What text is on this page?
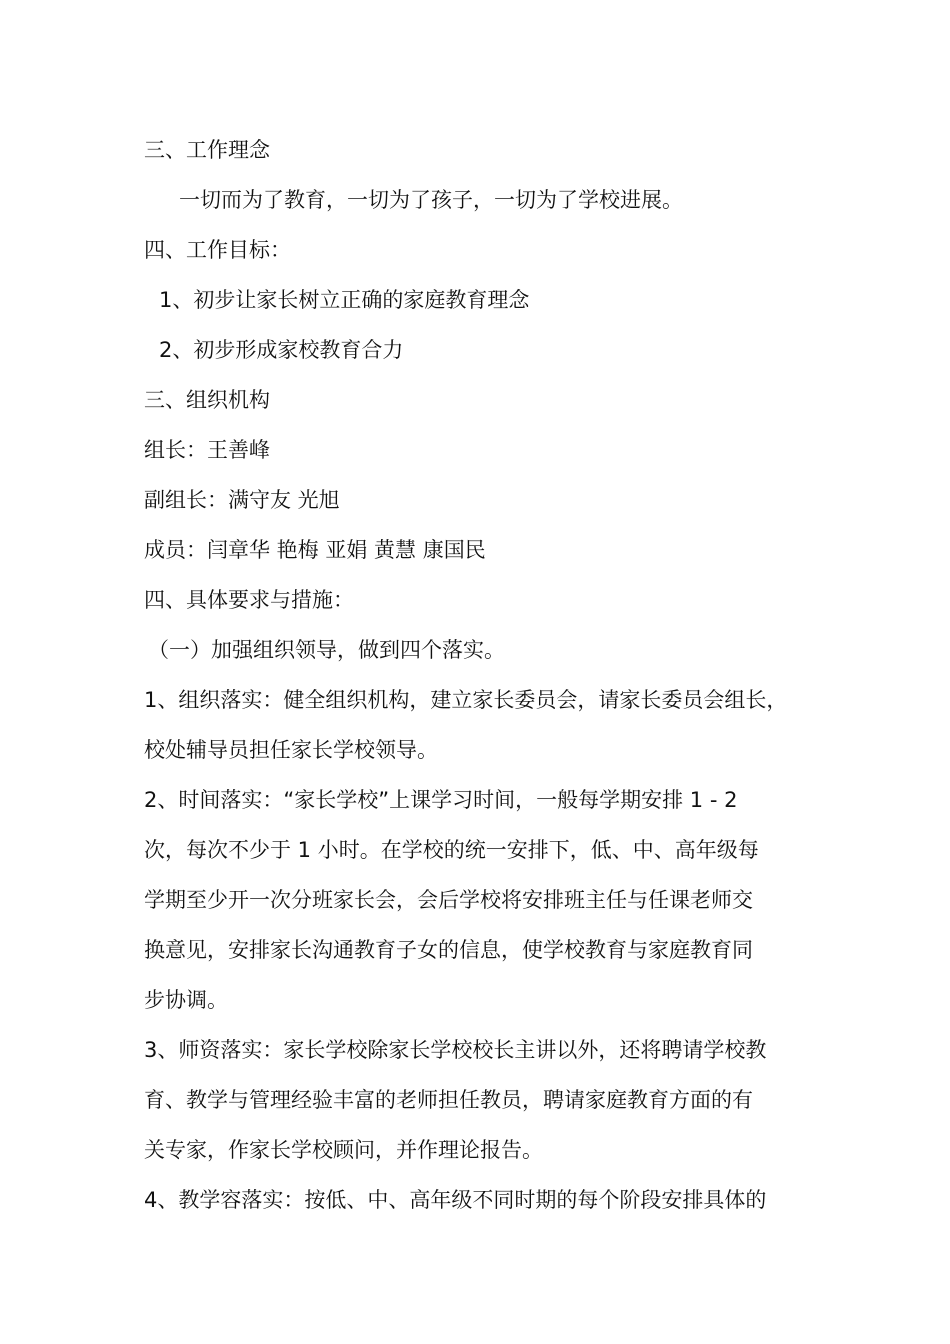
三、工作理念
一切而为了教育，一切为了孩子，一切为了学校进展。
四、工作目标：
1、初步让家长树立正确的家庭教育理念
2、初步形成家校教育合力
三、组织机构
组长：王善峰
副组长：满守友 光旭
成员：闫章华 艳梅 亚娟 黄慧 康国民
四、具体要求与措施：
（一）加强组织领导，做到四个落实。
1、组织落实：健全组织机构，建立家长委员会，请家长委员会组长，
校处辅导员担任家长学校领导。
2、时间落实：“家长学校”上课学习时间，一般每学期安排 1 - 2
次，每次不少于 1 小时。在学校的统一安排下，低、中、高年级每
学期至少开一次分班家长会，会后学校将安排班主任与任课老师交
换意见，安排家长沟通教育子女的信息，使学校教育与家庭教育同
步协调。
3、师资落实：家长学校除家长学校校长主讲以外，还将聘请学校教
育、教学与管理经验丰富的老师担任教员，聘请家庭教育方面的有
关专家，作家长学校顾问，并作理论报告。
4、教学容落实：按低、中、高年级不同时期的每个阶段安排具体的
